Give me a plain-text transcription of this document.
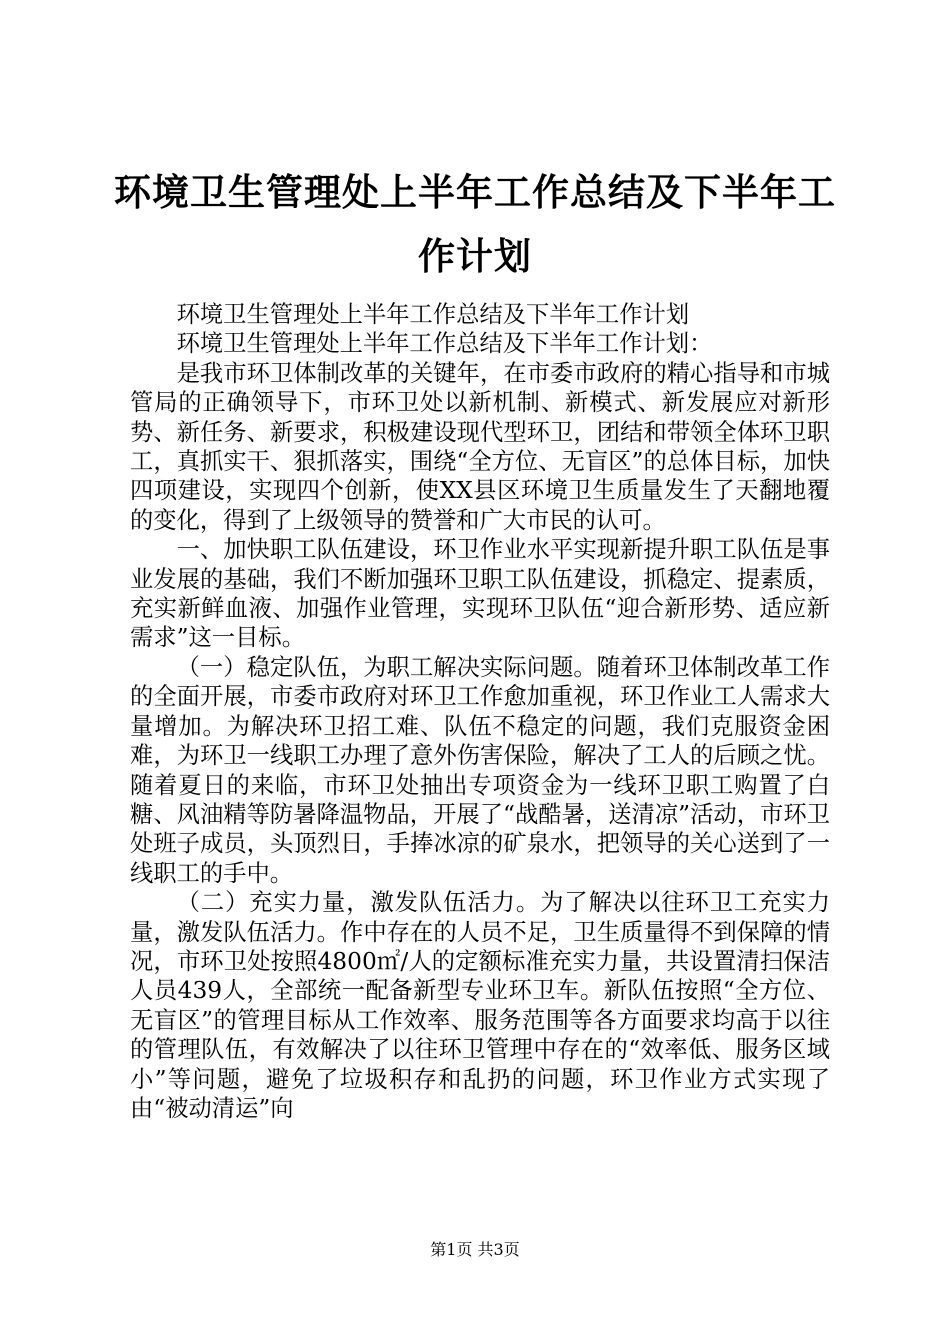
环境卫生管理处上半年工作总结及下半年工作计划

环境卫生管理处上半年工作总结及下半年工作计划

环境卫生管理处上半年工作总结及下半年工作计划：

是我市环卫体制改革的关键年，在市委市政府的精心指导和市城管局的正确领导下，市环卫处以新机制、新模式、新发展应对新形势、新任务、新要求，积极建设现代型环卫，团结和带领全体环卫职工，真抓实干、狠抓落实，围绕“全方位、无盲区”的总体目标，加快四项建设，实现四个创新，使XX县区环境卫生质量发生了天翻地覆的变化，得到了上级领导的赞誉和广大市民的认可。

一、加快职工队伍建设，环卫作业水平实现新提升职工队伍是事业发展的基础，我们不断加强环卫职工队伍建设，抓稳定、提素质，充实新鲜血液、加强作业管理，实现环卫队伍“迎合新形势、适应新需求”这一目标。

（一）稳定队伍，为职工解决实际问题。随着环卫体制改革工作的全面开展，市委市政府对环卫工作愈加重视，环卫作业工人需求大量增加。为解决环卫招工难、队伍不稳定的问题，我们克服资金困难，为环卫一线职工办理了意外伤害保险，解决了工人的后顾之忧。随着夏日的来临，市环卫处抽出专项资金为一线环卫职工购置了白糖、风油精等防暑降温物品，开展了“战酷暑，送清凉”活动，市环卫处班子成员，头顶烈日，手捧冰凉的矿泉水，把领导的关心送到了一线职工的手中。

（二）充实力量，激发队伍活力。为了解决以往环卫工充实力量，激发队伍活力。作中存在的人员不足，卫生质量得不到保障的情况，市环卫处按照4800㎡/人的定额标准充实力量，共设置清扫保洁人员439人，全部统一配备新型专业环卫车。新队伍按照“全方位、无盲区”的管理目标从工作效率、服务范围等各方面要求均高于以往的管理队伍，有效解决了以往环卫管理中存在的“效率低、服务区域小”等问题，避免了垃圾积存和乱扔的问题，环卫作业方式实现了由“被动清运”向

第1页 共3页
